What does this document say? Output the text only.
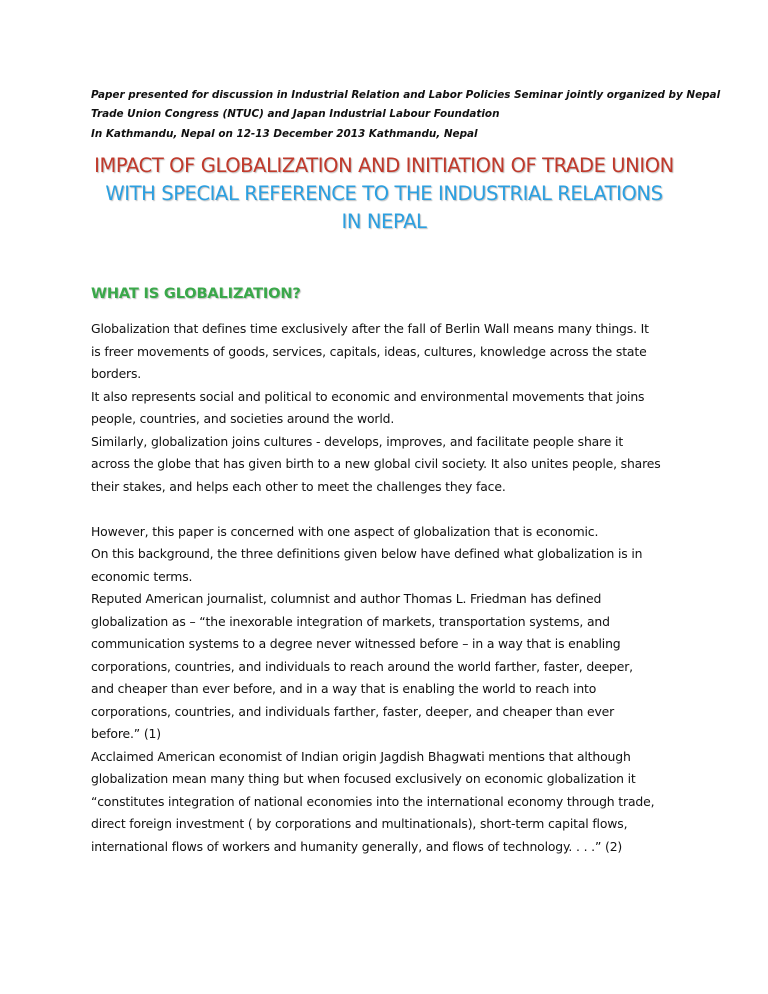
Paper presented for discussion in Industrial Relation and Labor Policies Seminar jointly organized by Nepal
Trade Union Congress (NTUC) and Japan Industrial Labour Foundation
In Kathmandu, Nepal on 12-13 December 2013 Kathmandu, Nepal
IMPACT OF GLOBALIZATION AND INITIATION OF TRADE UNION
WITH SPECIAL REFERENCE TO THE INDUSTRIAL RELATIONS
IN NEPAL
WHAT IS GLOBALIZATION?
Globalization that defines time exclusively after the fall of Berlin Wall means many things. It
is freer movements of goods, services, capitals, ideas, cultures, knowledge across the state
borders.
It also represents social and political to economic and environmental movements that joins
people, countries, and societies around the world.
Similarly, globalization joins cultures - develops, improves, and facilitate people share it
across the globe that has given birth to a new global civil society. It also unites people, shares
their stakes, and helps each other to meet the challenges they face.
However, this paper is concerned with one aspect of globalization that is economic.
On this background, the three definitions given below have defined what globalization is in
economic terms.
Reputed American journalist, columnist and author Thomas L. Friedman has defined
globalization as – “the inexorable integration of markets, transportation systems, and
communication systems to a degree never witnessed before – in a way that is enabling
corporations, countries, and individuals to reach around the world farther, faster, deeper,
and cheaper than ever before, and in a way that is enabling the world to reach into
corporations, countries, and individuals farther, faster, deeper, and cheaper than ever
before.” (1)
Acclaimed American economist of Indian origin Jagdish Bhagwati mentions that although
globalization mean many thing but when focused exclusively on economic globalization it
“constitutes integration of national economies into the international economy through trade,
direct foreign investment ( by corporations and multinationals), short-term capital flows,
international flows of workers and humanity generally, and flows of technology. . . .” (2)
